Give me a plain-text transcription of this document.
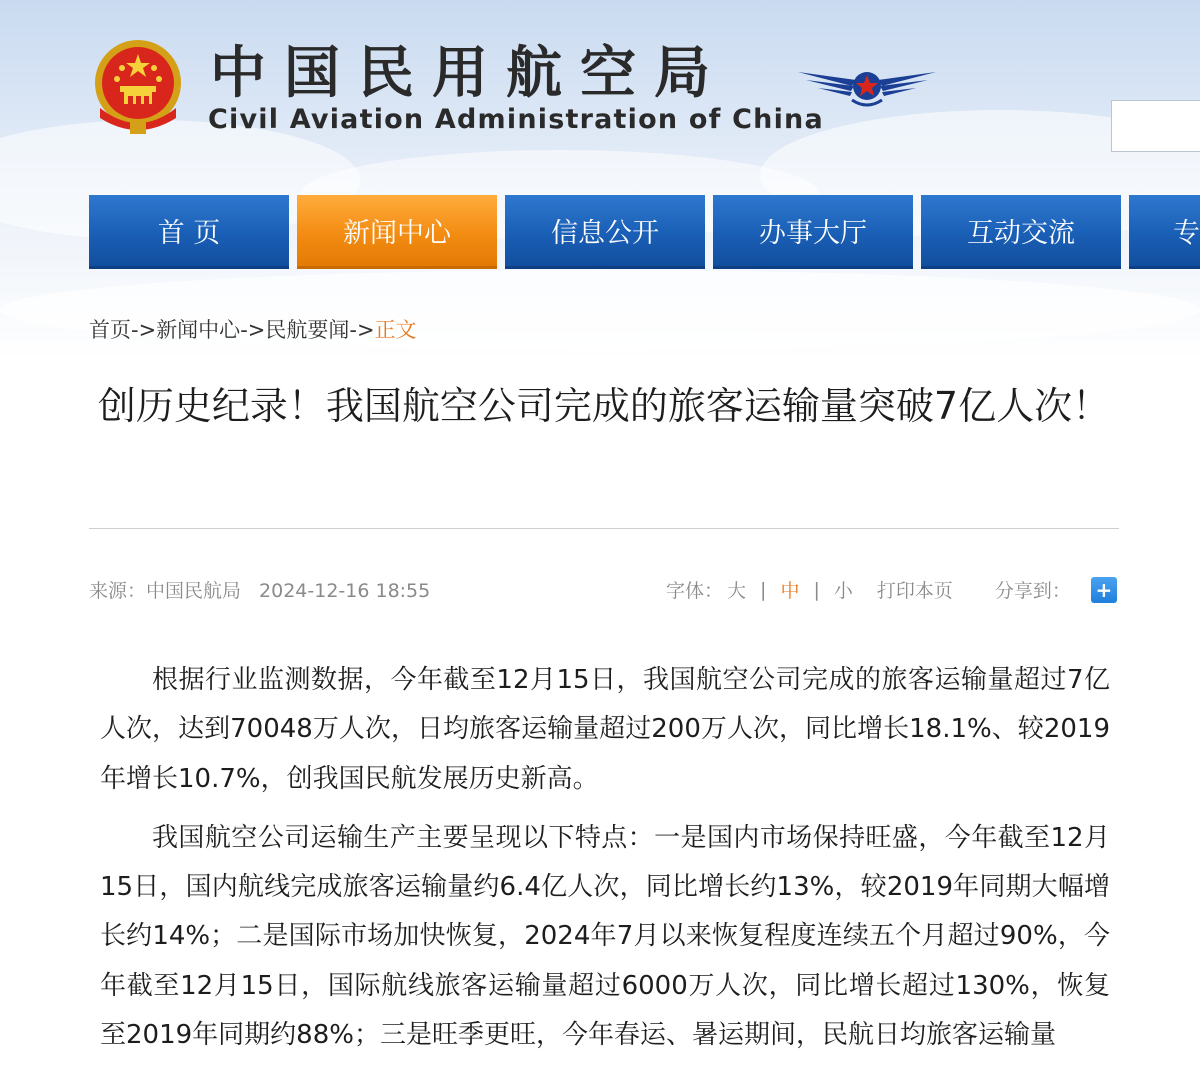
中国民用航空局
Civil Aviation Administration of China
首 页	新闻中心	信息公开	办事大厅	互动交流	专
首页->新闻中心->民航要闻->正文
创历史纪录！我国航空公司完成的旅客运输量突破7亿人次！
来源：中国民航局 2024-12-16 18:55	字体： 大 | 中 | 小 打印本页 分享到： +

根据行业监测数据，今年截至12月15日，我国航空公司完成的旅客运输量超过7亿人次，达到70048万人次，日均旅客运输量超过200万人次，同比增长18.1%、较2019年增长10.7%，创我国民航发展历史新高。

我国航空公司运输生产主要呈现以下特点：一是国内市场保持旺盛，今年截至12月15日，国内航线完成旅客运输量约6.4亿人次，同比增长约13%，较2019年同期大幅增长约14%；二是国际市场加快恢复，2024年7月以来恢复程度连续五个月超过90%，今年截至12月15日，国际航线旅客运输量超过6000万人次，同比增长超过130%，恢复至2019年同期约88%；三是旺季更旺，今年春运、暑运期间，民航日均旅客运输量
